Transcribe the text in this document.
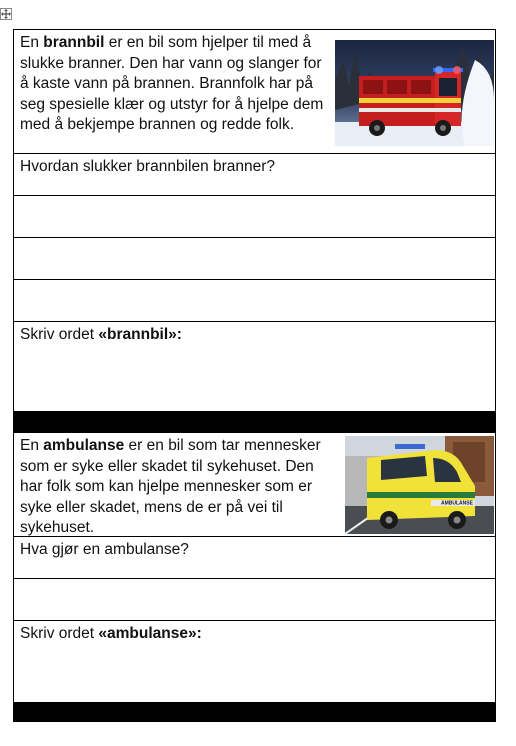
En brannbil er en bil som hjelper til med å slukke branner. Den har vann og slanger for å kaste vann på brannen. Brannfolk har på seg spesielle klær og utstyr for å hjelpe dem med å bekjempe brannen og redde folk.
Hvordan slukker brannbilen branner?
Skriv ordet «brannbil»:
En ambulanse er en bil som tar mennesker som er syke eller skadet til sykehuset. Den har folk som kan hjelpe mennesker som er syke eller skadet, mens de er på vei til sykehuset.
AMBULANSE
Hva gjør en ambulanse?
Skriv ordet «ambulanse»:
